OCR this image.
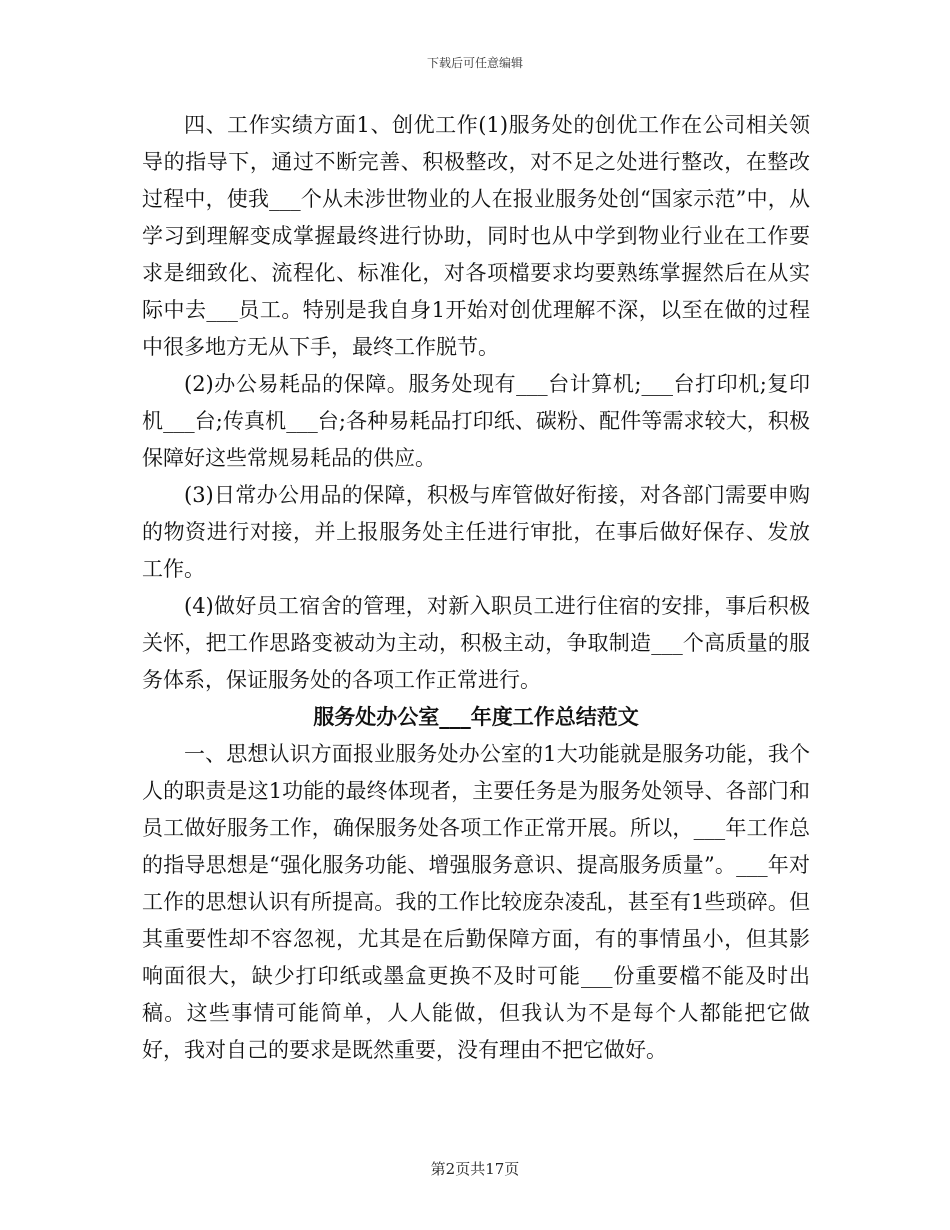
下载后可任意编辑

四、工作实绩方面1、创优工作(1)服务处的创优工作在公司相关领导的指导下，通过不断完善、积极整改，对不足之处进行整改，在整改过程中，使我___个从未涉世物业的人在报业服务处创“国家示范”中，从学习到理解变成掌握最终进行协助，同时也从中学到物业行业在工作要求是细致化、流程化、标准化，对各项檔要求均要熟练掌握然后在从实际中去___员工。特别是我自身1开始对创优理解不深，以至在做的过程中很多地方无从下手，最终工作脱节。

(2)办公易耗品的保障。服务处现有___台计算机;___台打印机;复印机___台;传真机___台;各种易耗品打印纸、碳粉、配件等需求较大，积极保障好这些常规易耗品的供应。

(3)日常办公用品的保障，积极与库管做好衔接，对各部门需要申购的物资进行对接，并上报服务处主任进行审批，在事后做好保存、发放工作。

(4)做好员工宿舍的管理，对新入职员工进行住宿的安排，事后积极关怀，把工作思路变被动为主动，积极主动，争取制造___个高质量的服务体系，保证服务处的各项工作正常进行。

服务处办公室___年度工作总结范文

一、思想认识方面报业服务处办公室的1大功能就是服务功能，我个人的职责是这1功能的最终体现者，主要任务是为服务处领导、各部门和员工做好服务工作，确保服务处各项工作正常开展。所以，___年工作总的指导思想是“强化服务功能、增强服务意识、提高服务质量”。___年对工作的思想认识有所提高。我的工作比较庞杂凌乱，甚至有1些琐碎。但其重要性却不容忽视，尤其是在后勤保障方面，有的事情虽小，但其影响面很大，缺少打印纸或墨盒更换不及时可能___份重要檔不能及时出稿。这些事情可能简单，人人能做，但我认为不是每个人都能把它做好，我对自己的要求是既然重要，没有理由不把它做好。

第2页共17页
